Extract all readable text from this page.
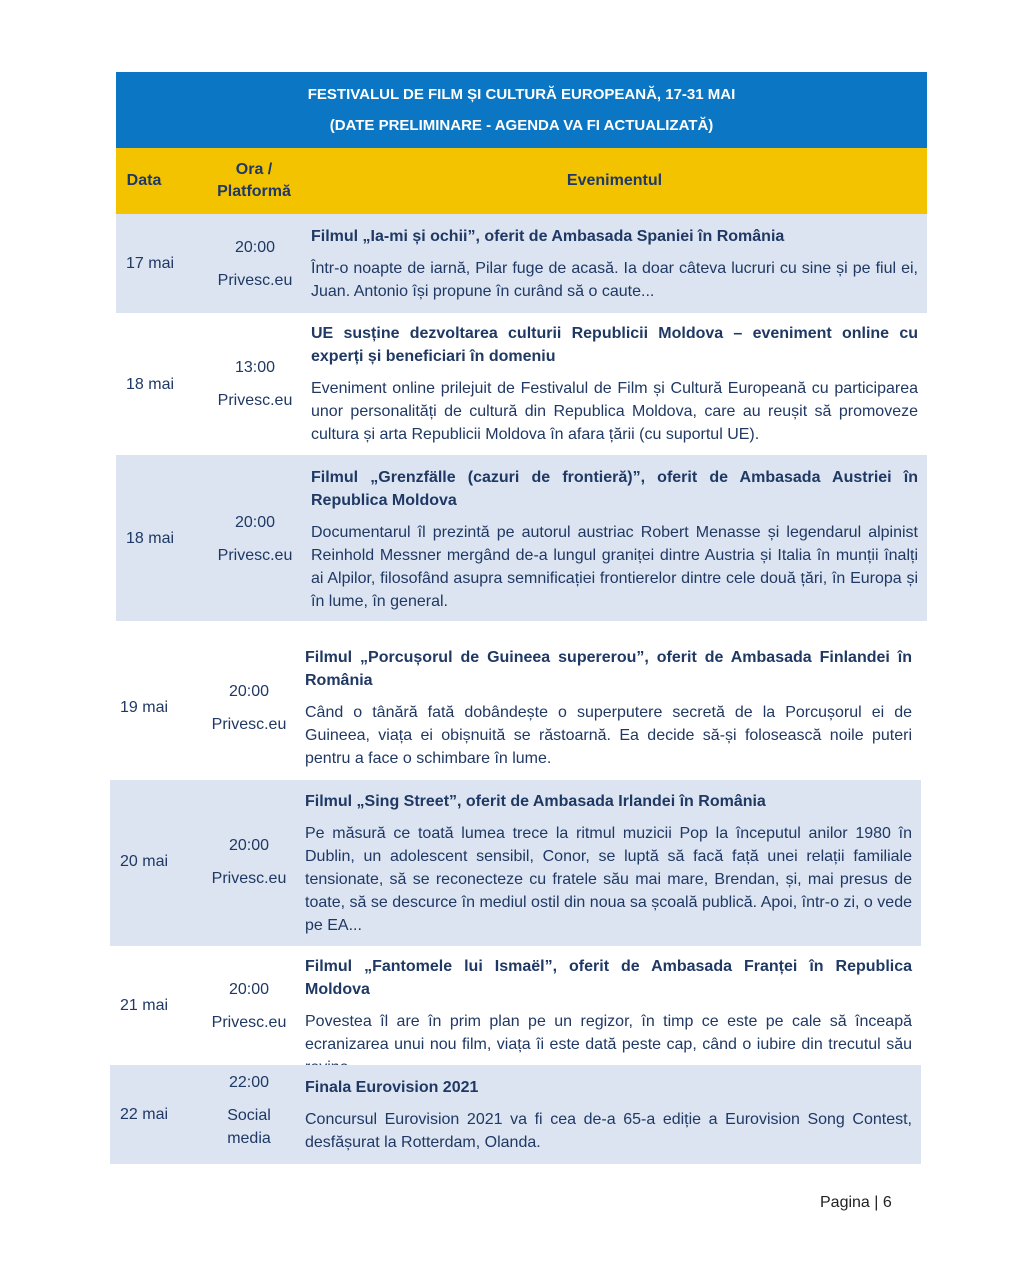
FESTIVALUL DE FILM ȘI CULTURĂ EUROPEANĂ, 17-31 MAI
(DATE PRELIMINARE - AGENDA VA FI ACTUALIZATĂ)
Data
Ora /
Platformă
Evenimentul
17 mai
20:00
Privesc.eu
Filmul „Ia-mi și ochii”, oferit de Ambasada Spaniei în România
Într-o noapte de iarnă, Pilar fuge de acasă. Ia doar câteva lucruri cu sine și pe fiul ei, Juan. Antonio își propune în curând să o caute...
18 mai
13:00
Privesc.eu
UE susține dezvoltarea culturii Republicii Moldova – eveniment online cu experți și beneficiari în domeniu
Eveniment online prilejuit de Festivalul de Film și Cultură Europeană cu participarea unor personalități de cultură din Republica Moldova, care au reușit să promoveze cultura și arta Republicii Moldova în afara țării (cu suportul UE).
18 mai
20:00
Privesc.eu
Filmul „Grenzfälle (cazuri de frontieră)”, oferit de Ambasada Austriei în Republica Moldova
Documentarul îl prezintă pe autorul austriac Robert Menasse și legendarul alpinist Reinhold Messner mergând de-a lungul graniței dintre Austria și Italia în munții înalți ai Alpilor, filosofând asupra semnificației frontierelor dintre cele două țări, în Europa și în lume, în general.
19 mai
20:00
Privesc.eu
Filmul „Porcușorul de Guineea supererou”, oferit de Ambasada Finlandei în România
Când o tânără fată dobândește o superputere secretă de la Porcușorul ei de Guineea, viața ei obișnuită se răstoarnă. Ea decide să-și folosească noile puteri pentru a face o schimbare în lume.
20 mai
20:00
Privesc.eu
Filmul „Sing Street”, oferit de Ambasada Irlandei în România
Pe măsură ce toată lumea trece la ritmul muzicii Pop la începutul anilor 1980 în Dublin, un adolescent sensibil, Conor, se luptă să facă față unei relații familiale tensionate, să se reconecteze cu fratele său mai mare, Brendan, și, mai presus de toate, să se descurce în mediul ostil din noua sa școală publică. Apoi, într-o zi, o vede pe EA...
21 mai
20:00
Privesc.eu
Filmul „Fantomele lui Ismaël”, oferit de Ambasada Franței în Republica Moldova
Povestea îl are în prim plan pe un regizor, în timp ce este pe cale să înceapă ecranizarea unui nou film, viața îi este dată peste cap, când o iubire din trecutul său
22 mai
22:00
Social media
Finala Eurovision 2021
Concursul Eurovision 2021 va fi cea de-a 65-a ediție a Eurovision Song Contest, desfășurat la Rotterdam, Olanda.
Pagina | 6
